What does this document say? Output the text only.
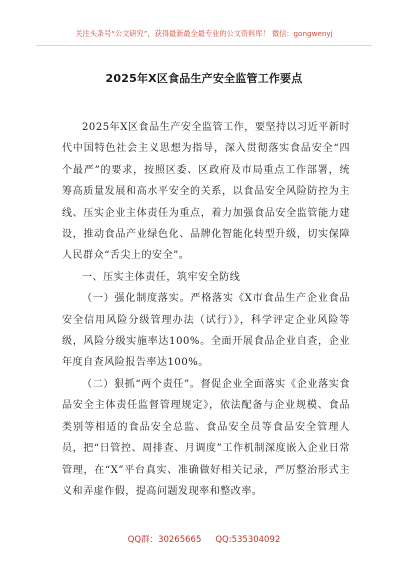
关注头条号“公文研究”，获得最新最全最专业的公文资料库！ 微信：gongwenyj
2025年X区食品生产安全监管工作要点

2025年X区食品生产安全监管工作，要坚持以习近平新时代中国特色社会主义思想为指导，深入贯彻落实食品安全“四个最严”的要求，按照区委、区政府及市局重点工作部署，统筹高质量发展和高水平安全的关系，以食品安全风险防控为主线、压实企业主体责任为重点，着力加强食品安全监管能力建设，推动食品产业绿色化、品牌化智能化转型升级，切实保障人民群众“舌尖上的安全”。

一、压实主体责任，筑牢安全防线

（一）强化制度落实。严格落实《X市食品生产企业食品安全信用风险分级管理办法（试行）》，科学评定企业风险等级，风险分级实施率达100%。全面开展食品企业自查，企业年度自查风险报告率达100%。

（二）狠抓“两个责任”。督促企业全面落实《企业落实食品安全主体责任监督管理规定》，依法配备与企业规模、食品类别等相适的食品安全总监、食品安全员等食品安全管理人员，把“日管控、周排查、月调度”工作机制深度嵌入企业日常管理，在“X”平台真实、准确做好相关记录，严厉整治形式主义和弄虚作假，提高问题发现率和整改率。

QQ群：30265665 QQ:535304092
